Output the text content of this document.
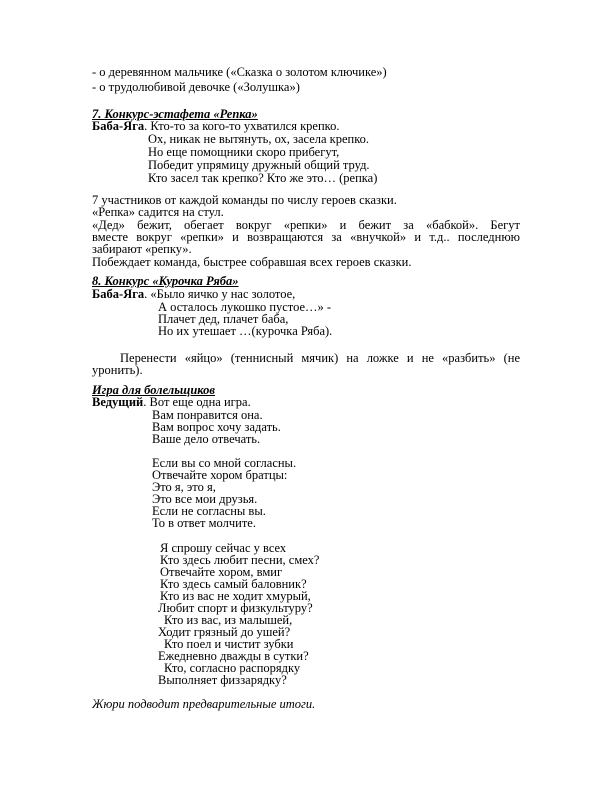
- о деревянном мальчике («Сказка о золотом ключике»)
- о трудолюбивой девочке («Золушка»)
7. Конкурс-эстафета «Репка»
Баба-Яга. Кто-то за кого-то ухватился крепко.
Ох, никак не вытянуть, ох, засела крепко.
Но еще помощники скоро прибегут,
Победит упрямицу дружный общий труд.
Кто засел так крепко? Кто же это… (репка)
7 участников от каждой команды по числу героев сказки.
«Репка» садится на стул.
«Дед» бежит, обегает вокруг «репки» и бежит за «бабкой». Бегут
вместе вокруг «репки» и возвращаются за «внучкой» и т.д.. последнюю
забирают «репку».
Побеждает команда, быстрее собравшая всех героев сказки.
8. Конкурс «Курочка Ряба»
Баба-Яга. «Было яичко у нас золотое,
А осталось лукошко пустое…» -
Плачет дед, плачет баба,
Но их утешает …(курочка Ряба).
Перенести «яйцо» (теннисный мячик) на ложке и не «разбить» (не
уронить).
Игра для болельщиков
Ведущий. Вот еще одна игра.
Вам понравится она.
Вам вопрос хочу задать.
Ваше дело отвечать.
Если вы со мной согласны.
Отвечайте хором братцы:
Это я, это я,
Это все мои друзья.
Если не согласны вы.
То в ответ молчите.
Я спрошу сейчас у всех
Кто здесь любит песни, смех?
Отвечайте хором, вмиг
Кто здесь самый баловник?
Кто из вас не ходит хмурый,
Любит спорт и физкультуру?
Кто из вас, из малышей,
Ходит грязный до ушей?
Кто поел и чистит зубки
Ежедневно дважды в сутки?
Кто, согласно распорядку
Выполняет физзарядку?
Жюри подводит предварительные итоги.
